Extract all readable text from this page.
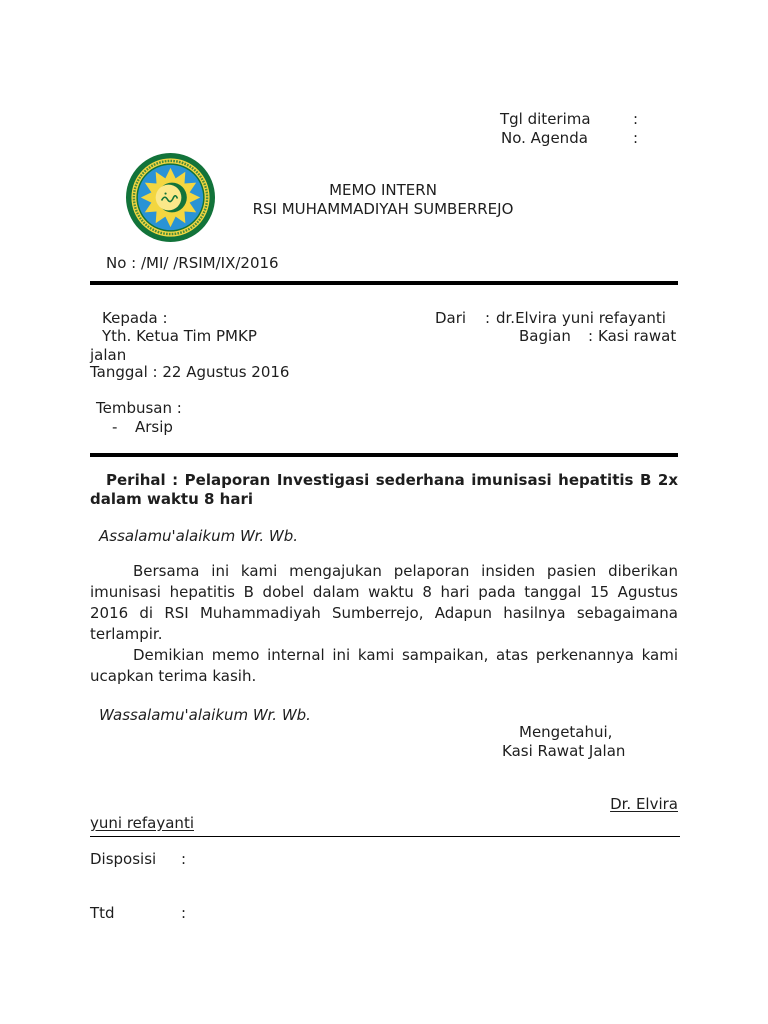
Tgl diterima	:
No. Agenda	:
MEMO INTERN
RSI MUHAMMADIYAH SUMBERREJO
No : /MI/ /RSIM/IX/2016
Kepada :	Dari : dr.Elvira yuni refayanti
Yth. Ketua Tim PMKP	Bagian : Kasi rawat
jalan
Tanggal : 22 Agustus 2016
Tembusan :
- Arsip
Perihal : Pelaporan Investigasi sederhana imunisasi hepatitis B 2x dalam waktu 8 hari
Assalamu'alaikum Wr. Wb.

Bersama ini kami mengajukan pelaporan insiden pasien diberikan imunisasi hepatitis B dobel dalam waktu 8 hari pada tanggal 15 Agustus 2016 di RSI Muhammadiyah Sumberrejo, Adapun hasilnya sebagaimana terlampir.

Demikian memo internal ini kami sampaikan, atas perkenannya kami ucapkan terima kasih.

Wassalamu'alaikum Wr. Wb.
Mengetahui,
Kasi Rawat Jalan
Dr. Elvira
yuni refayanti
Disposisi :
Ttd	:
